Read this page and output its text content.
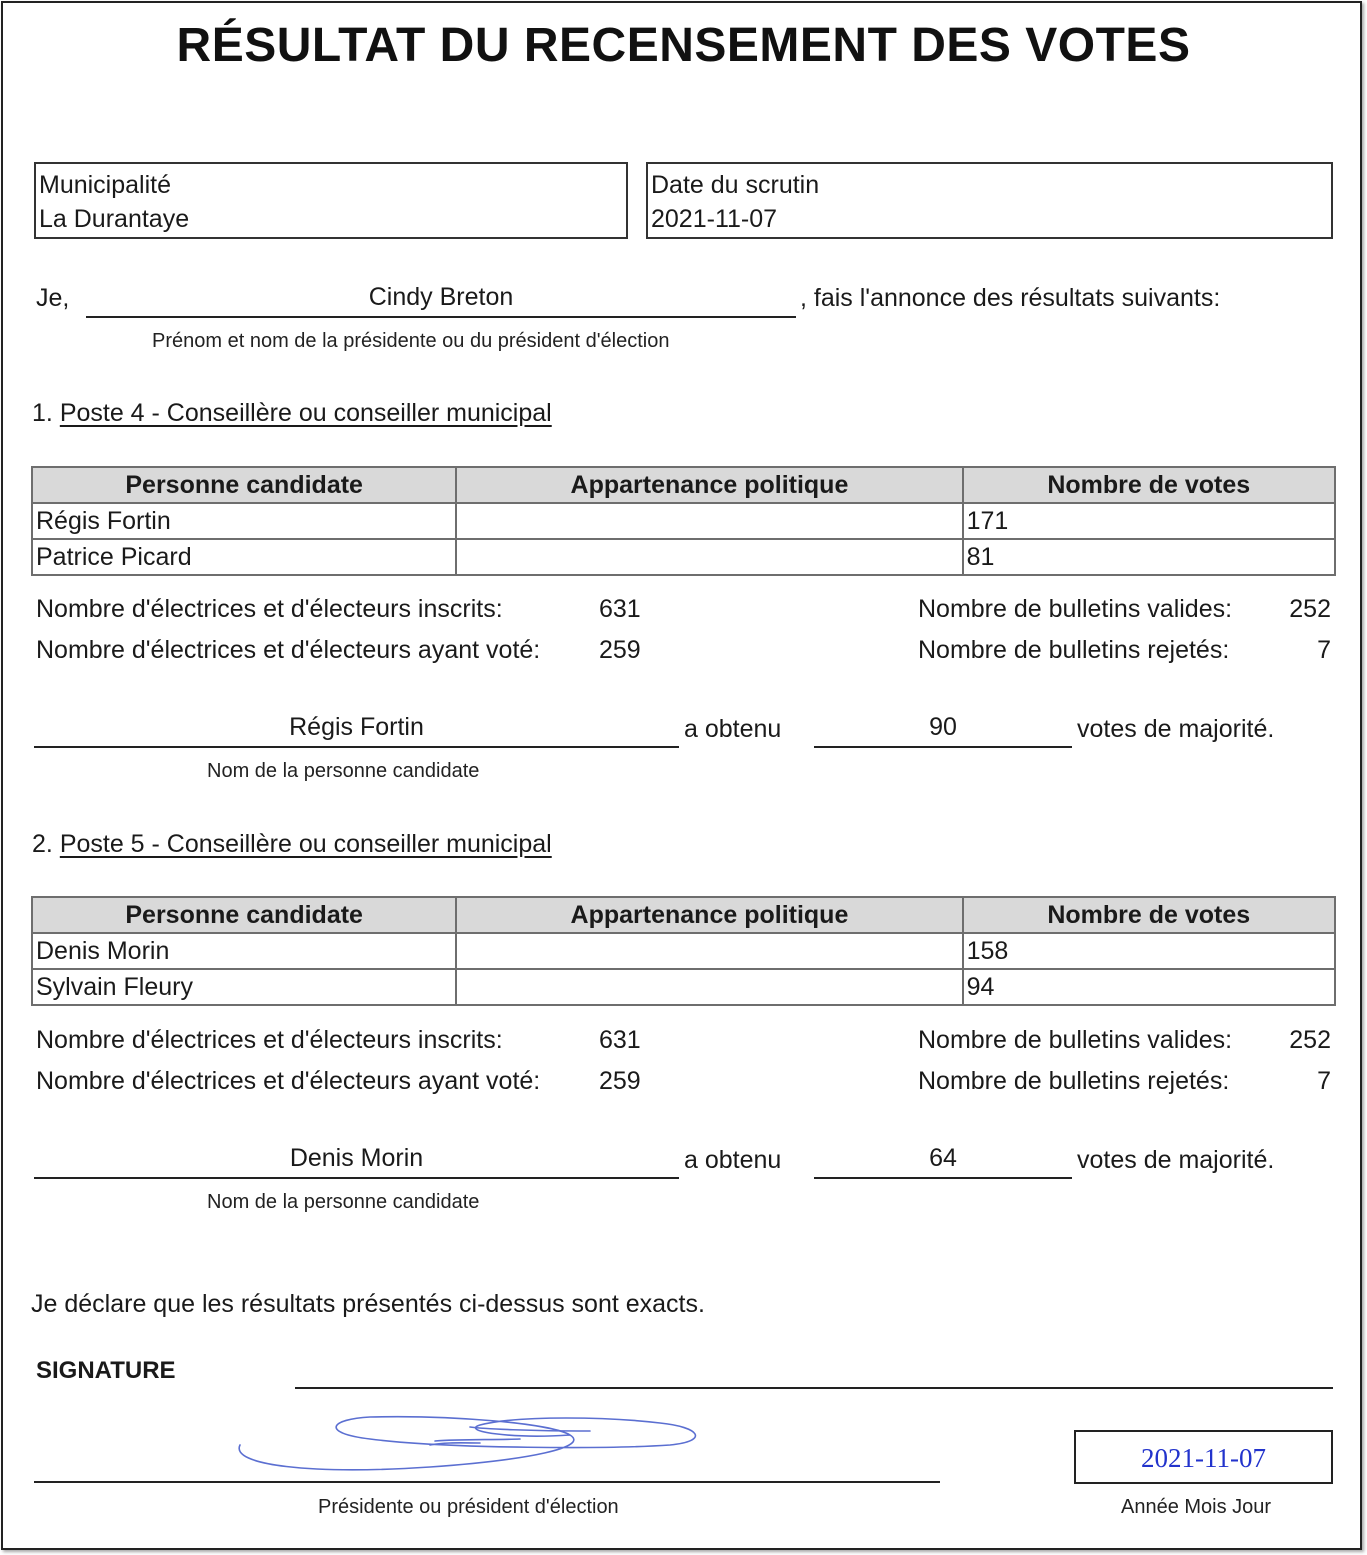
RÉSULTAT DU RECENSEMENT DES VOTES
Municipalité
La Durantaye
Date du scrutin
2021-11-07
Je,	Cindy Breton	, fais l'annonce des résultats suivants:
Prénom et nom de la présidente ou du président d'élection
1. Poste 4 - Conseillère ou conseiller municipal
Personne candidate	Appartenance politique	Nombre de votes
Régis Fortin		171
Patrice Picard		81
Nombre d'électrices et d'électeurs inscrits:	631
Nombre d'électrices et d'électeurs ayant voté: 259
Nombre de bulletins valides:	252
Nombre de bulletins rejetés:	7
Régis Fortin	a obtenu	90	votes de majorité.
Nom de la personne candidate
2. Poste 5 - Conseillère ou conseiller municipal
Personne candidate	Appartenance politique	Nombre de votes
Denis Morin		158
Sylvain Fleury		94
Nombre d'électrices et d'électeurs inscrits:	631
Nombre d'électrices et d'électeurs ayant voté: 259
Nombre de bulletins valides:	252
Nombre de bulletins rejetés:	7
Denis Morin	a obtenu	64	votes de majorité.
Nom de la personne candidate
Je déclare que les résultats présentés ci-dessus sont exacts.
SIGNATURE
Présidente ou président d'élection
2021-11-07
Année Mois Jour
